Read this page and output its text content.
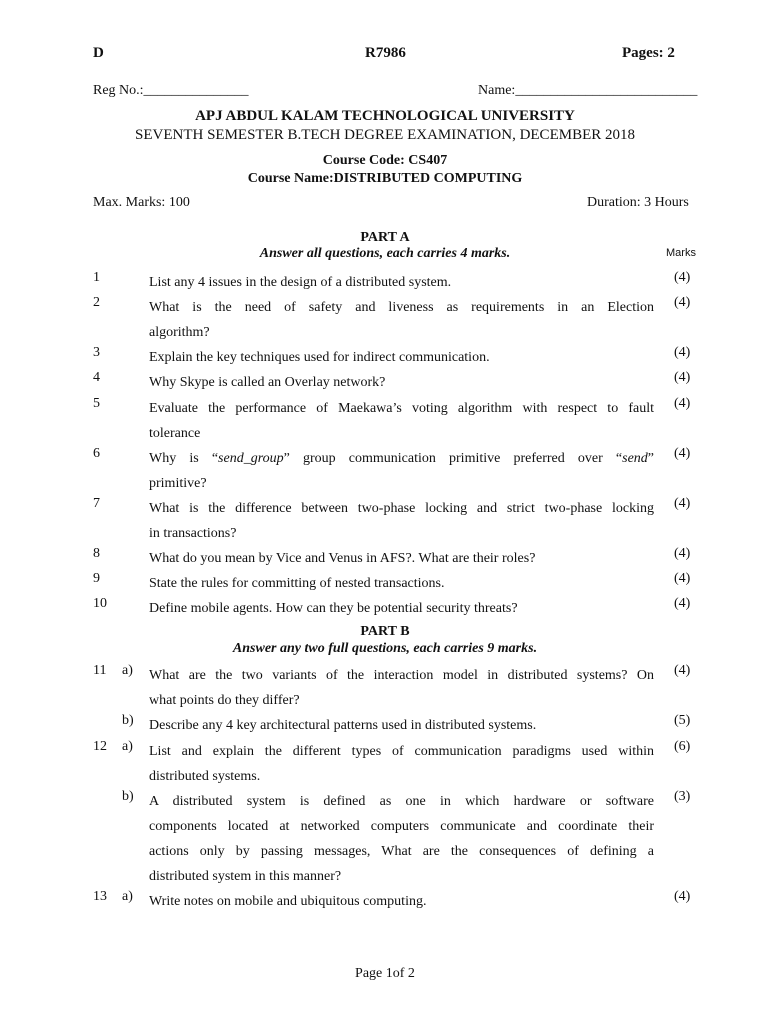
D	R7986	Pages: 2
Reg No.:_______________	Name:__________________________
APJ ABDUL KALAM TECHNOLOGICAL UNIVERSITY
SEVENTH SEMESTER B.TECH DEGREE EXAMINATION, DECEMBER 2018
Course Code: CS407
Course Name:DISTRIBUTED COMPUTING
Max. Marks: 100	Duration: 3 Hours
PART A
Answer all questions, each carries 4 marks.	Marks
1	List any 4 issues in the design of a distributed system.	(4)
2	What is the need of safety and liveness as requirements in an Election
algorithm?
(4)
3	Explain the key techniques used for indirect communication.	(4)
4	Why Skype is called an Overlay network?	(4)
5	Evaluate the performance of Maekawa’s voting algorithm with respect to fault
tolerance
(4)
6	Why is “send_group” group communication primitive preferred over “send”
primitive?
(4)
7	What is the difference between two-phase locking and strict two-phase locking
in transactions?
(4)
8	What do you mean by Vice and Venus in AFS?. What are their roles?	(4)
9	State the rules for committing of nested transactions.	(4)
10	Define mobile agents. How can they be potential security threats?	(4)
PART B
Answer any two full questions, each carries 9 marks.
11 a) What are the two variants of the interaction model in distributed systems? On
what points do they differ?
(4)
b) Describe any 4 key architectural patterns used in distributed systems.	(5)
12 a) List and explain the different types of communication paradigms used within
distributed systems.
(6)
b) A distributed system is defined as one in which hardware or software
components located at networked computers communicate and coordinate their
actions only by passing messages, What are the consequences of defining a
distributed system in this manner?
(3)
13 a) Write notes on mobile and ubiquitous computing.	(4)
Page 1of 2
